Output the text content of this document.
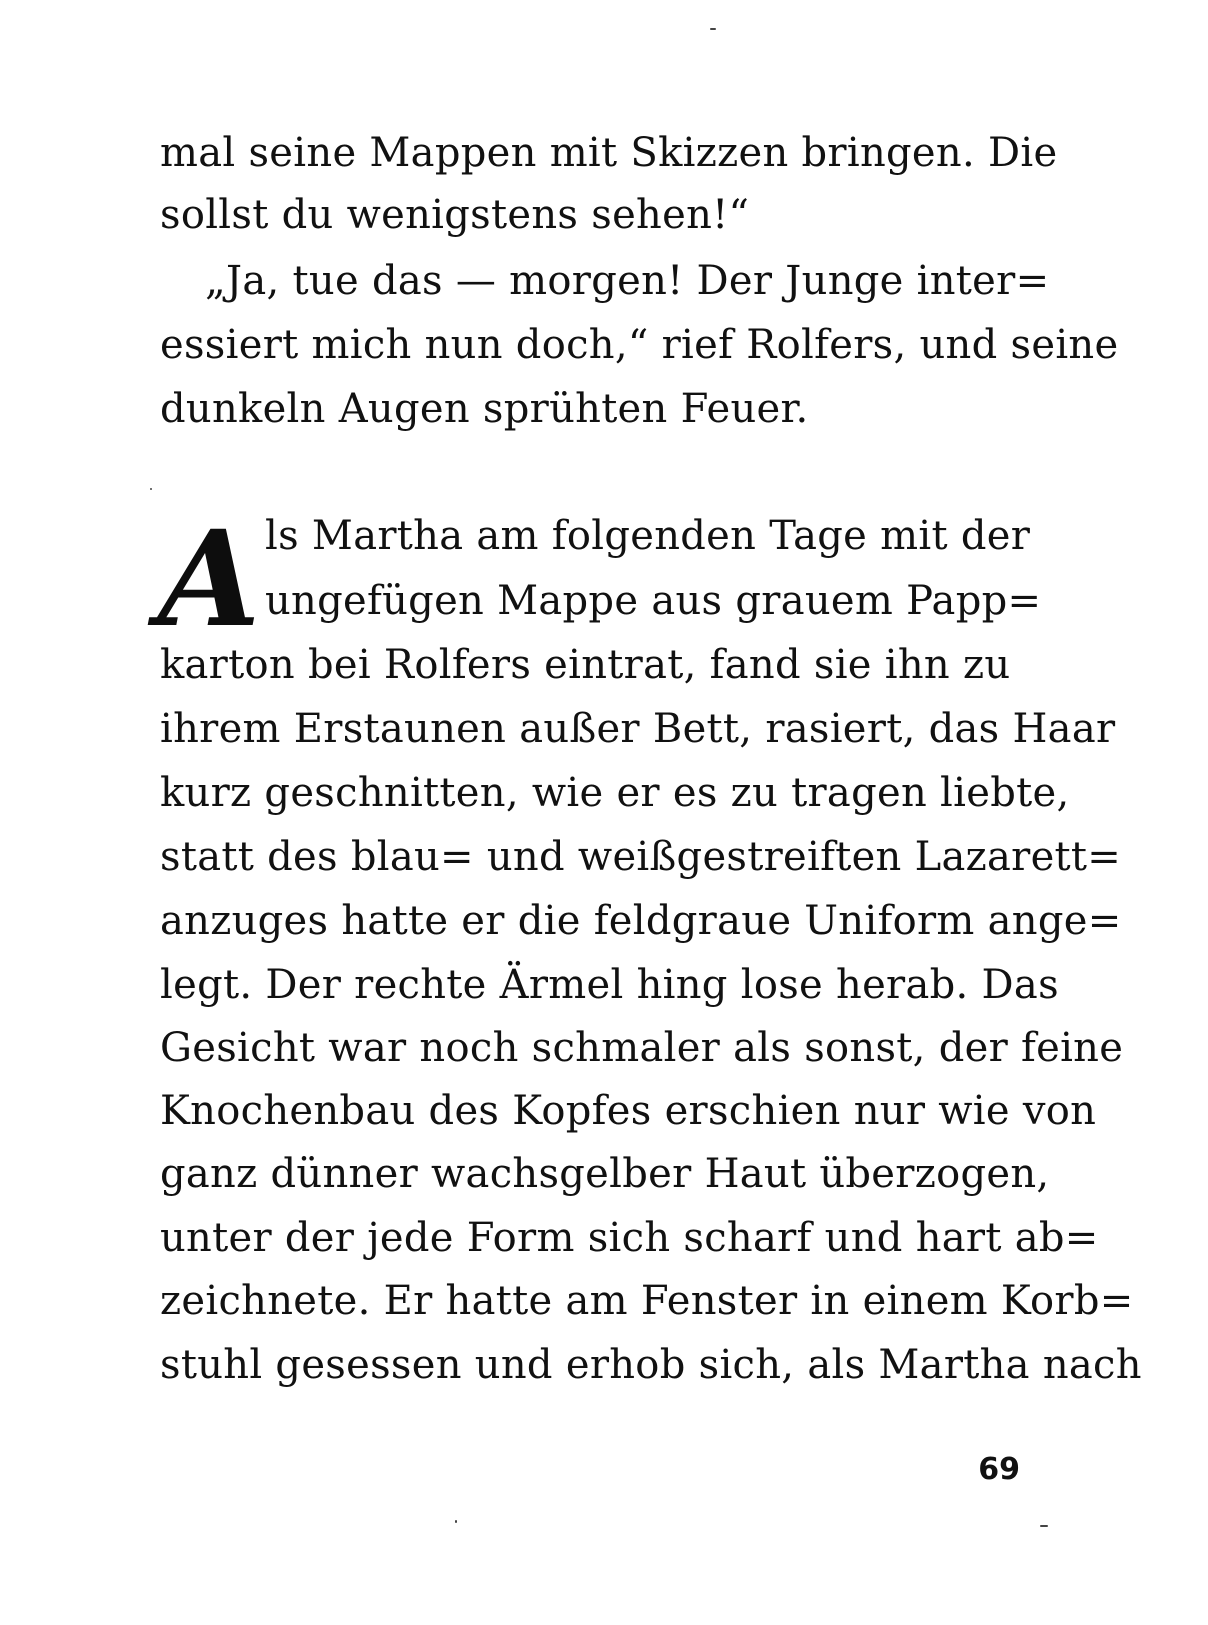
mal seine Mappen mit Skizzen bringen. Die
sollst du wenigstens sehen!“
„Ja, tue das — morgen! Der Junge inter=
essiert mich nun doch,“ rief Rolfers, und seine
dunkeln Augen sprühten Feuer.
A ls Martha am folgenden Tage mit der
ungefügen Mappe aus grauem Papp=
karton bei Rolfers eintrat, fand sie ihn zu
ihrem Erstaunen außer Bett, rasiert, das Haar
kurz geschnitten, wie er es zu tragen liebte,
statt des blau= und weißgestreiften Lazarett=
anzuges hatte er die feldgraue Uniform ange=
legt. Der rechte Ärmel hing lose herab. Das
Gesicht war noch schmaler als sonst, der feine
Knochenbau des Kopfes erschien nur wie von
ganz dünner wachsgelber Haut überzogen,
unter der jede Form sich scharf und hart ab=
zeichnete. Er hatte am Fenster in einem Korb=
stuhl gesessen und erhob sich, als Martha nach
69
